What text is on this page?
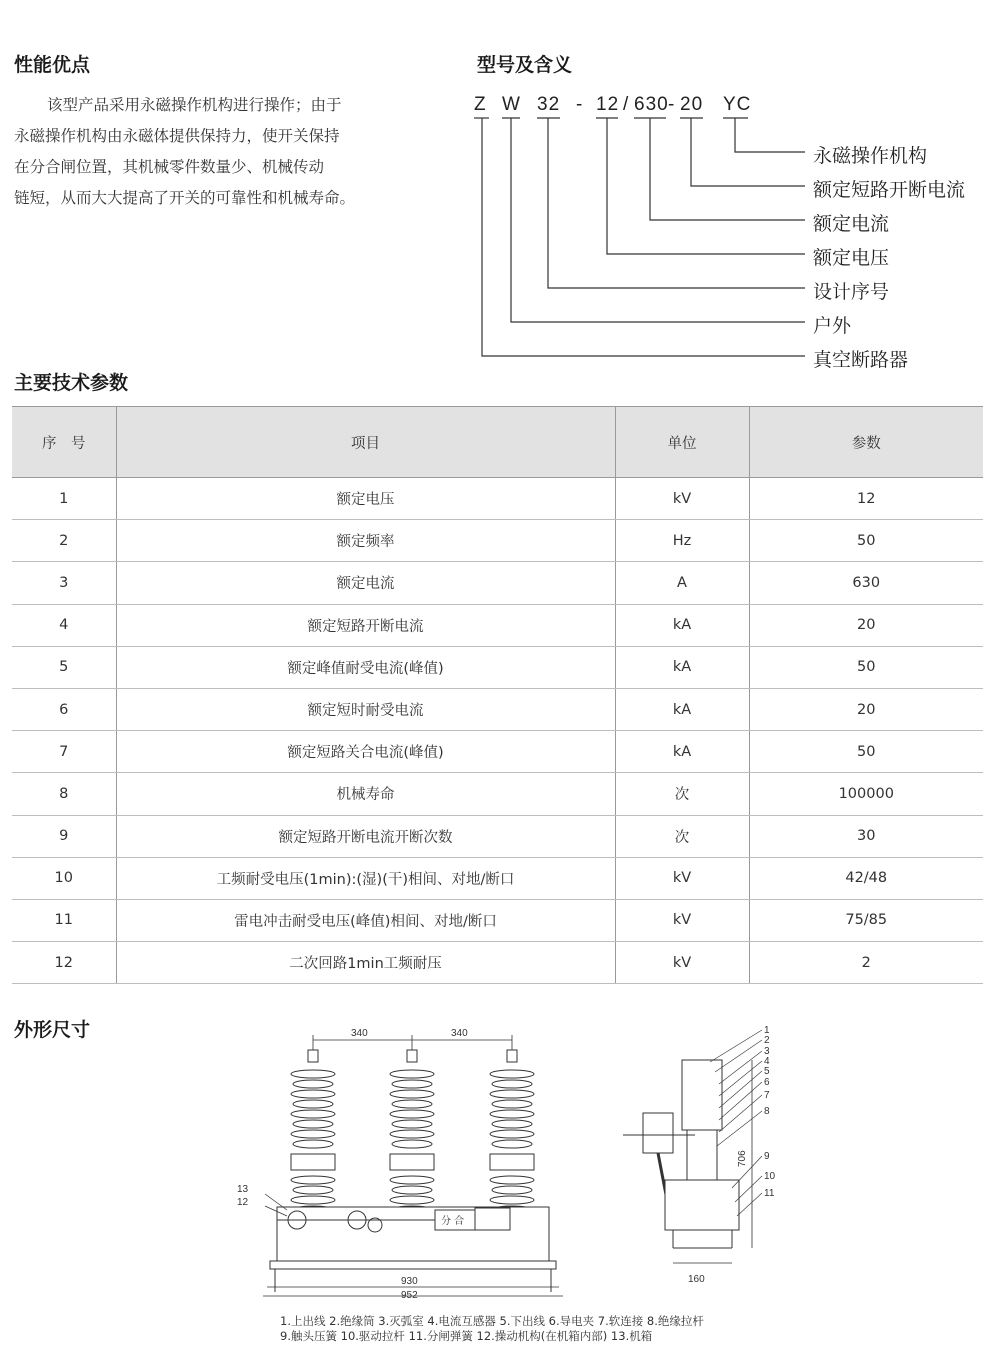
性能优点
该型产品采用永磁操作机构进行操作；由于
永磁操作机构由永磁体提供保持力，使开关保持
在分合闸位置，其机械零件数量少、机械传动
链短，从而大大提高了开关的可靠性和机械寿命。
型号及含义
Z W 32 - 12 / 630 - 20 YC
永磁操作机构
额定短路开断电流
额定电流
额定电压
设计序号
户外
真空断路器
主要技术参数
序　号	项目	单位	参数
1	额定电压	kV	12
2	额定频率	Hz	50
3	额定电流	A	630
4	额定短路开断电流	kA	20
5	额定峰值耐受电流(峰值)	kA	50
6	额定短时耐受电流	kA	20
7	额定短路关合电流(峰值)	kA	50
8	机械寿命	次	100000
9	额定短路开断电流开断次数	次	30
10	工频耐受电压(1min):(湿)(干)相间、对地/断口	kV	42/48
11	雷电冲击耐受电压(峰值)相间、对地/断口	kV	75/85
12	二次回路1min工频耐压	kV	2
外形尺寸	340	340
930
952
分 合
13
12
160
706
1
2
3
4
5
6
7
8
9
10
11
1.上出线 2.绝缘筒 3.灭弧室 4.电流互感器 5.下出线 6.导电夹 7.软连接 8.绝缘拉杆
9.触头压簧 10.驱动拉杆 11.分闸弹簧 12.操动机构(在机箱内部) 13.机箱
